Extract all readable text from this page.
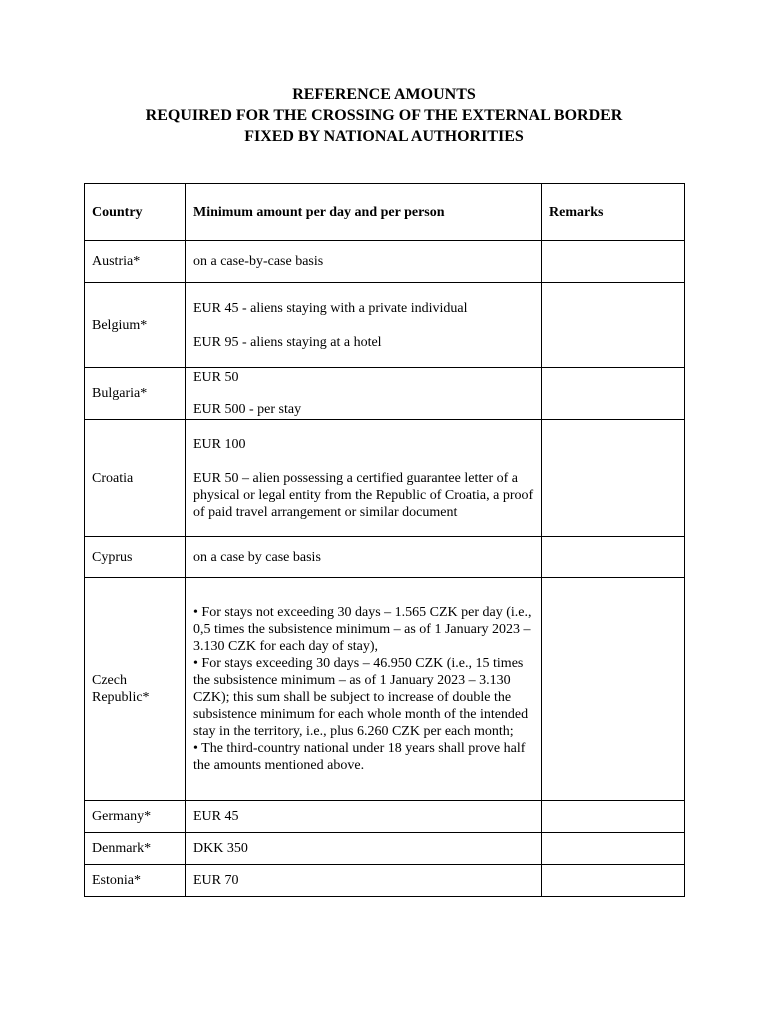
REFERENCE AMOUNTS
REQUIRED FOR THE CROSSING OF THE EXTERNAL BORDER
FIXED BY NATIONAL AUTHORITIES
Country	Minimum amount per day and per person	Remarks
Austria*	on a case-by-case basis	
Belgium*	EUR 45 - aliens staying with a private individual
EUR 95 - aliens staying at a hotel	

Bulgaria*	EUR 50
EUR 500 - per stay	

Croatia	EUR 100
EUR 50 – alien possessing a certified guarantee letter of a physical or legal entity from the Republic of Croatia, a proof of paid travel arrangement or similar document	

Cyprus	on a case by case basis	
Czech Republic*	• For stays not exceeding 30 days – 1.565 CZK per day (i.e., 0,5 times the subsistence minimum – as of 1 January 2023 – 3.130 CZK for each day of stay),
• For stays exceeding 30 days – 46.950 CZK (i.e., 15 times the subsistence minimum – as of 1 January 2023 – 3.130 CZK); this sum shall be subject to increase of double the subsistence minimum for each whole month of the intended stay in the territory, i.e., plus 6.260 CZK per each month;
• The third-country national under 18 years shall prove half the amounts mentioned above.	

Germany*	EUR 45	
Denmark*	DKK 350	
Estonia*	EUR 70	
